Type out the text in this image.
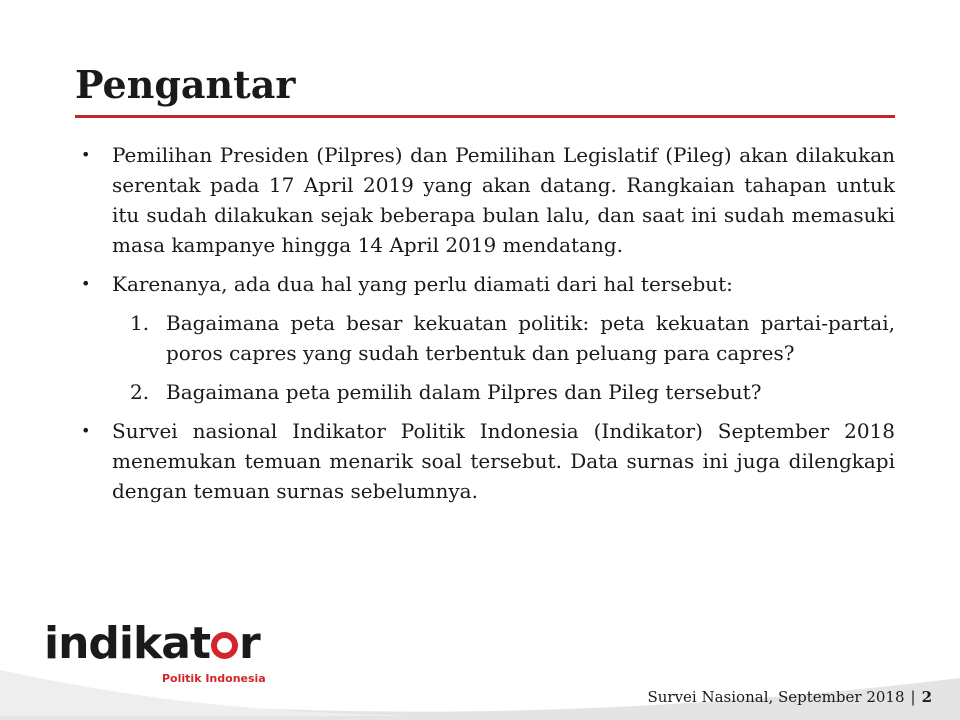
Pengantar
• Pemilihan Presiden (Pilpres) dan Pemilihan Legislatif (Pileg) akan dilakukan serentak pada 17 April 2019 yang akan datang. Rangkaian tahapan untuk itu sudah dilakukan sejak beberapa bulan lalu, dan saat ini sudah memasuki masa kampanye hingga 14 April 2019 mendatang.
• Karenanya, ada dua hal yang perlu diamati dari hal tersebut:
1. Bagaimana peta besar kekuatan politik: peta kekuatan partai-partai, poros capres yang sudah terbentuk dan peluang para capres?
2. Bagaimana peta pemilih dalam Pilpres dan Pileg tersebut?
• Survei nasional Indikator Politik Indonesia (Indikator) September 2018 menemukan temuan menarik soal tersebut. Data surnas ini juga dilengkapi dengan temuan surnas sebelumnya.
indikat r
Politik Indonesia
Survei Nasional, September 2018 | 2
